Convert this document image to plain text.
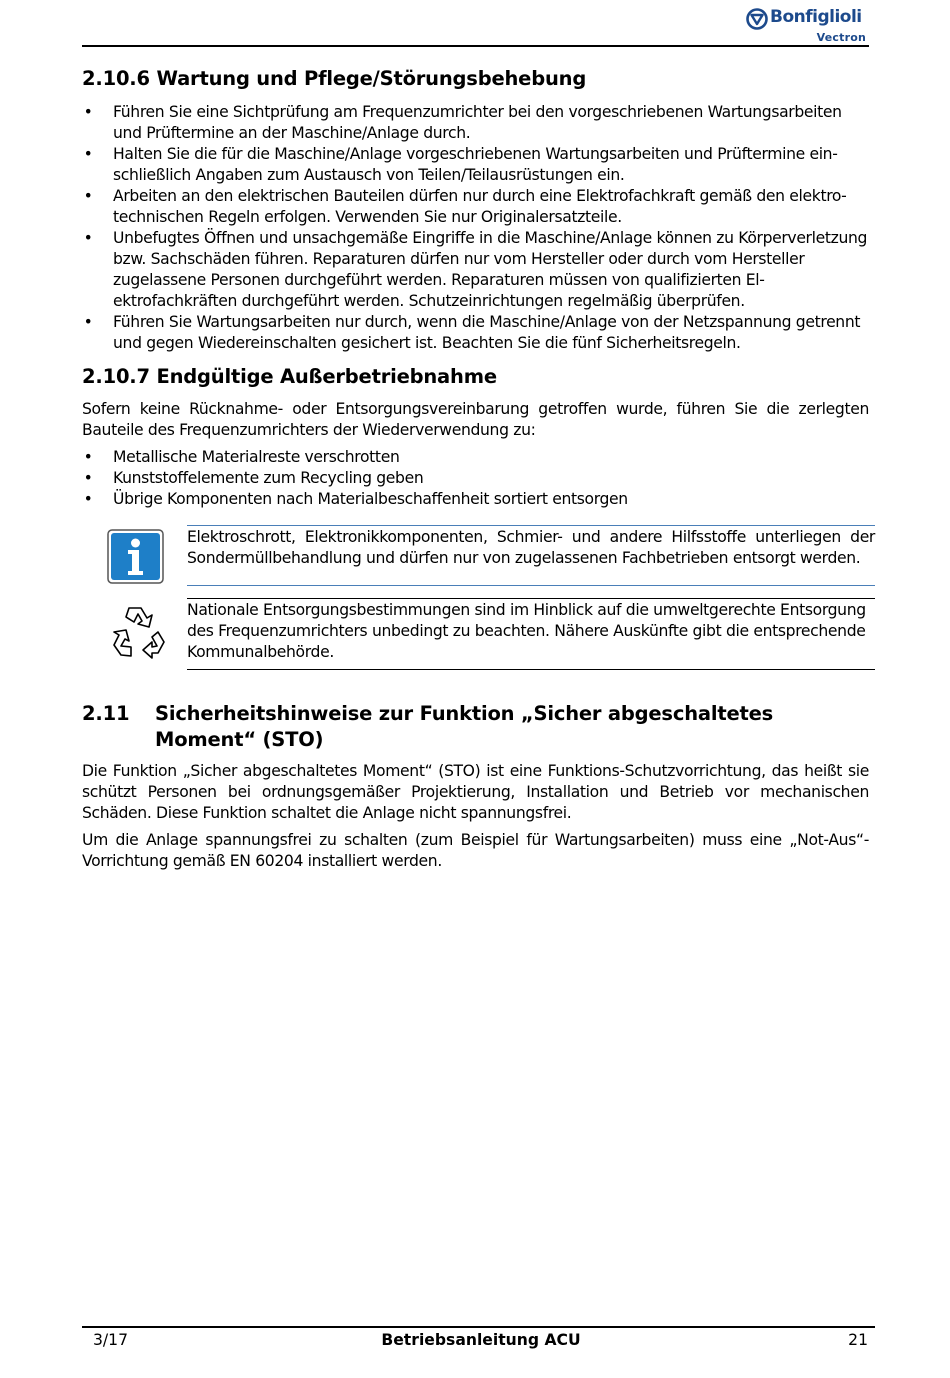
Bonfiglioli
Vectron
2.10.6 Wartung und Pflege/Störungsbehebung
• Führen Sie eine Sichtprüfung am Frequenzumrichter bei den vorgeschriebenen Wartungsarbeiten und Prüftermine an der Maschine/Anlage durch.
• Halten Sie die für die Maschine/Anlage vorgeschriebenen Wartungsarbeiten und Prüftermine einschließlich Angaben zum Austausch von Teilen/Teilausrüstungen ein.
• Arbeiten an den elektrischen Bauteilen dürfen nur durch eine Elektrofachkraft gemäß den elektrotechnischen Regeln erfolgen. Verwenden Sie nur Originalersatzteile.
• Unbefugtes Öffnen und unsachgemäße Eingriffe in die Maschine/Anlage können zu Körperverletzung bzw. Sachschäden führen. Reparaturen dürfen nur vom Hersteller oder durch vom Hersteller zugelassene Personen durchgeführt werden. Reparaturen müssen von qualifizierten Elektrofachkräften durchgeführt werden. Schutzeinrichtungen regelmäßig überprüfen.
• Führen Sie Wartungsarbeiten nur durch, wenn die Maschine/Anlage von der Netzspannung getrennt und gegen Wiedereinschalten gesichert ist. Beachten Sie die fünf Sicherheitsregeln.
2.10.7 Endgültige Außerbetriebnahme

Sofern keine Rücknahme- oder Entsorgungsvereinbarung getroffen wurde, führen Sie die zerlegten Bauteile des Frequenzumrichters der Wiederverwendung zu:

• Metallische Materialreste verschrotten
• Kunststoffelemente zum Recycling geben
• Übrige Komponenten nach Materialbeschaffenheit sortiert entsorgen

Elektroschrott, Elektronikkomponenten, Schmier- und andere Hilfsstoffe unterliegen der Sondermüllbehandlung und dürfen nur von zugelassenen Fachbetrieben entsorgt werden.

Nationale Entsorgungsbestimmungen sind im Hinblick auf die umweltgerechte Entsorgung des Frequenzumrichters unbedingt zu beachten. Nähere Auskünfte gibt die entsprechende Kommunalbehörde.

2.11 Sicherheitshinweise zur Funktion „Sicher abgeschaltetes Moment“ (STO)

Die Funktion „Sicher abgeschaltetes Moment“ (STO) ist eine Funktions-Schutzvorrichtung, das heißt sie schützt Personen bei ordnungsgemäßer Projektierung, Installation und Betrieb vor mechanischen Schäden. Diese Funktion schaltet die Anlage nicht spannungsfrei.

Um die Anlage spannungsfrei zu schalten (zum Beispiel für Wartungsarbeiten) muss eine „Not-Aus“-Vorrichtung gemäß EN 60204 installiert werden.

3/17	Betriebsanleitung ACU	21
